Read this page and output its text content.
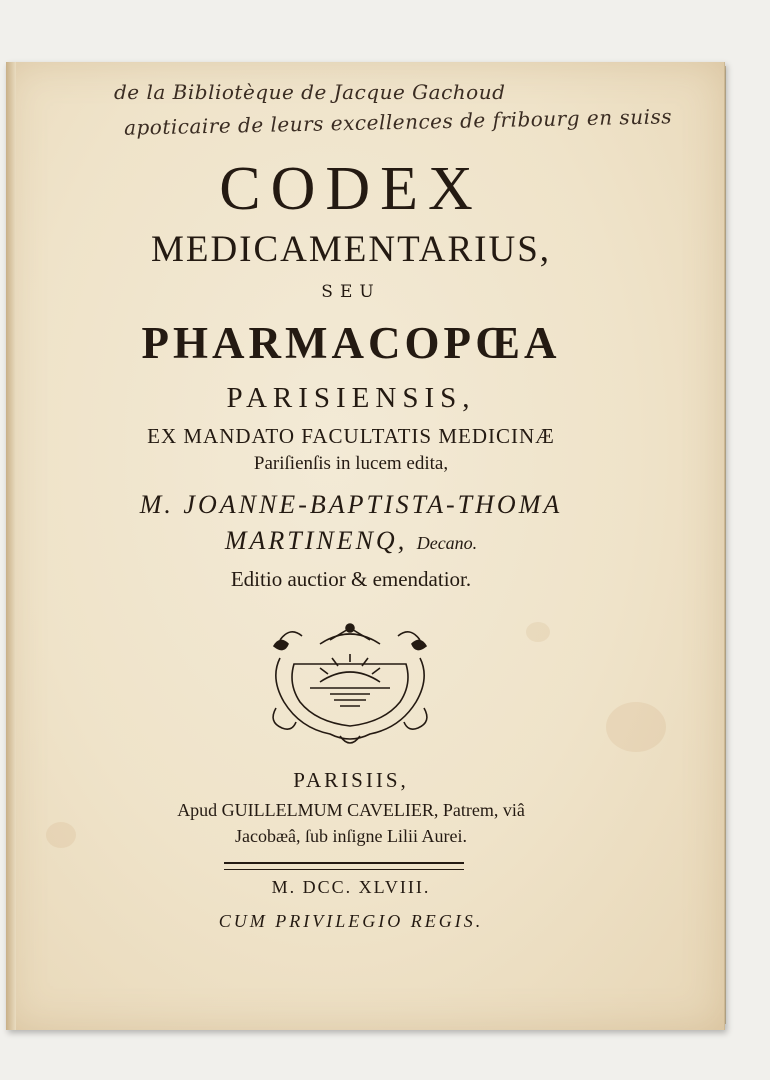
de la Bibliotèque de Jacque Gachoud
apoticaire de leurs excellences de fribourg en suiss
CODEX
MEDICAMENTARIUS,
SEU
PHARMACOPŒA
PARISIENSIS,
EX MANDATO FACULTATIS MEDICINÆ
Pariſienſis in lucem edita,
M. JOANNE-BAPTISTA-THOMA
MARTINENQ, Decano.
Editio auctior & emendatior.
PARISIIS,
Apud GUILLELMUM CAVELIER, Patrem, viâ
Jacobæâ, ſub inſigne Lilii Aurei.
M. DCC. XLVIII.
CUM PRIVILEGIO REGIS.
